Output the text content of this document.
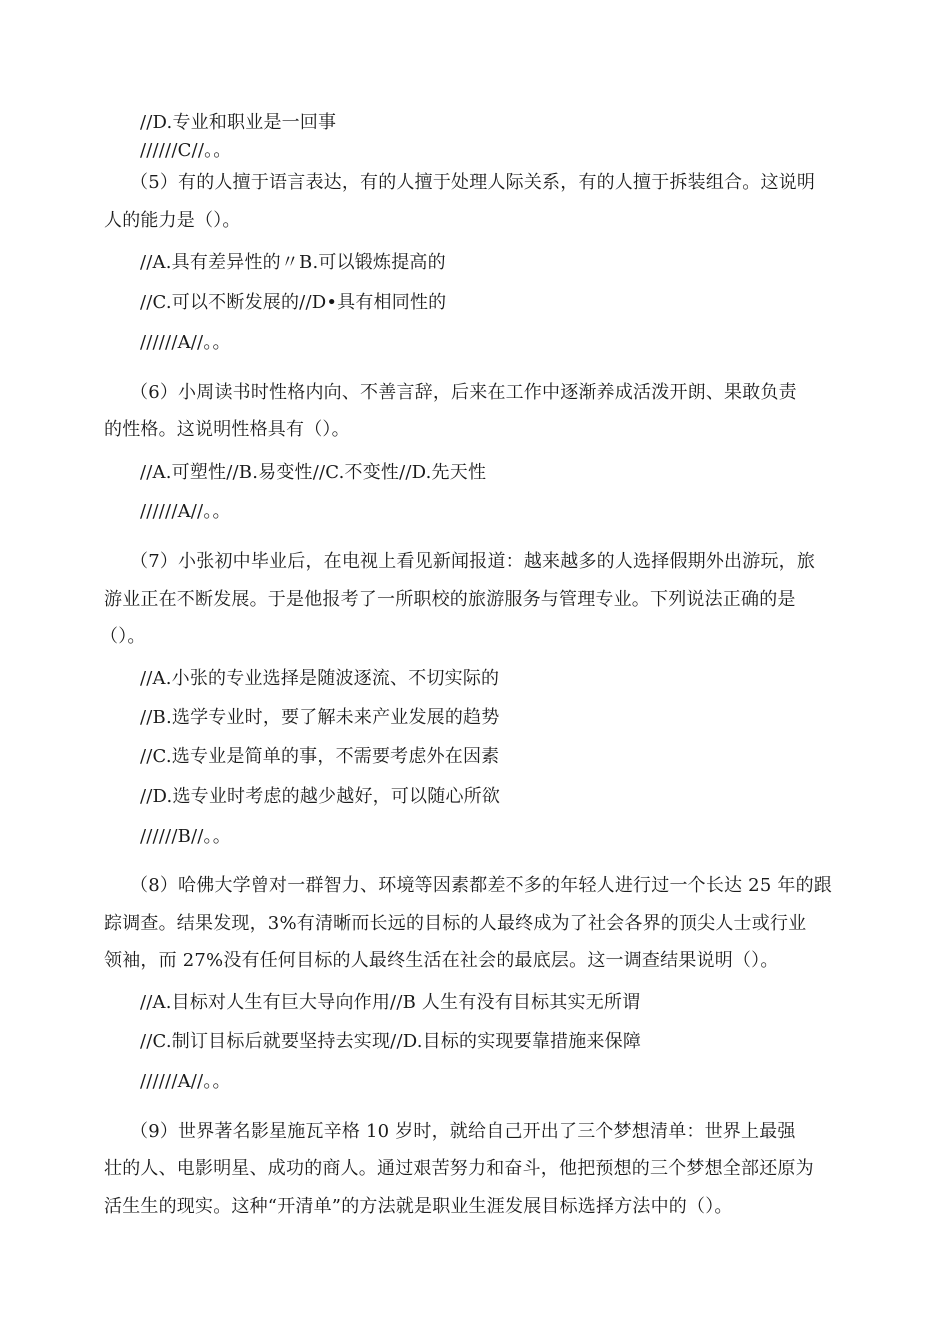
//D.专业和职业是一回事
//////C//。。
（5）有的人擅于语言表达，有的人擅于处理人际关系，有的人擅于拆装组合。这说明
人的能力是（）。
//A.具有差异性的〃B.可以锻炼提高的
//C.可以不断发展的//D•具有相同性的
//////A//。。
（6）小周读书时性格内向、不善言辞，后来在工作中逐渐养成活泼开朗、果敢负责
的性格。这说明性格具有（）。
//A.可塑性//B.易变性//C.不变性//D.先天性
//////A//。。
（7）小张初中毕业后，在电视上看见新闻报道：越来越多的人选择假期外出游玩，旅
游业正在不断发展。于是他报考了一所职校的旅游服务与管理专业。下列说法正确的是
（）。
//A.小张的专业选择是随波逐流、不切实际的
//B.选学专业时，要了解未来产业发展的趋势
//C.选专业是简单的事，不需要考虑外在因素
//D.选专业时考虑的越少越好，可以随心所欲
//////B//。。
（8）哈佛大学曾对一群智力、环境等因素都差不多的年轻人进行过一个长达 25 年的跟
踪调查。结果发现，3%有清晰而长远的目标的人最终成为了社会各界的顶尖人士或行业
领袖，而 27%没有任何目标的人最终生活在社会的最底层。这一调查结果说明（）。
//A.目标对人生有巨大导向作用//B 人生有没有目标其实无所谓
//C.制订目标后就要坚持去实现//D.目标的实现要靠措施来保障
//////A//。。
（9）世界著名影星施瓦辛格 10 岁时，就给自己开出了三个梦想清单：世界上最强
壮的人、电影明星、成功的商人。通过艰苦努力和奋斗，他把预想的三个梦想全部还原为
活生生的现实。这种“开清单”的方法就是职业生涯发展目标选择方法中的（）。
